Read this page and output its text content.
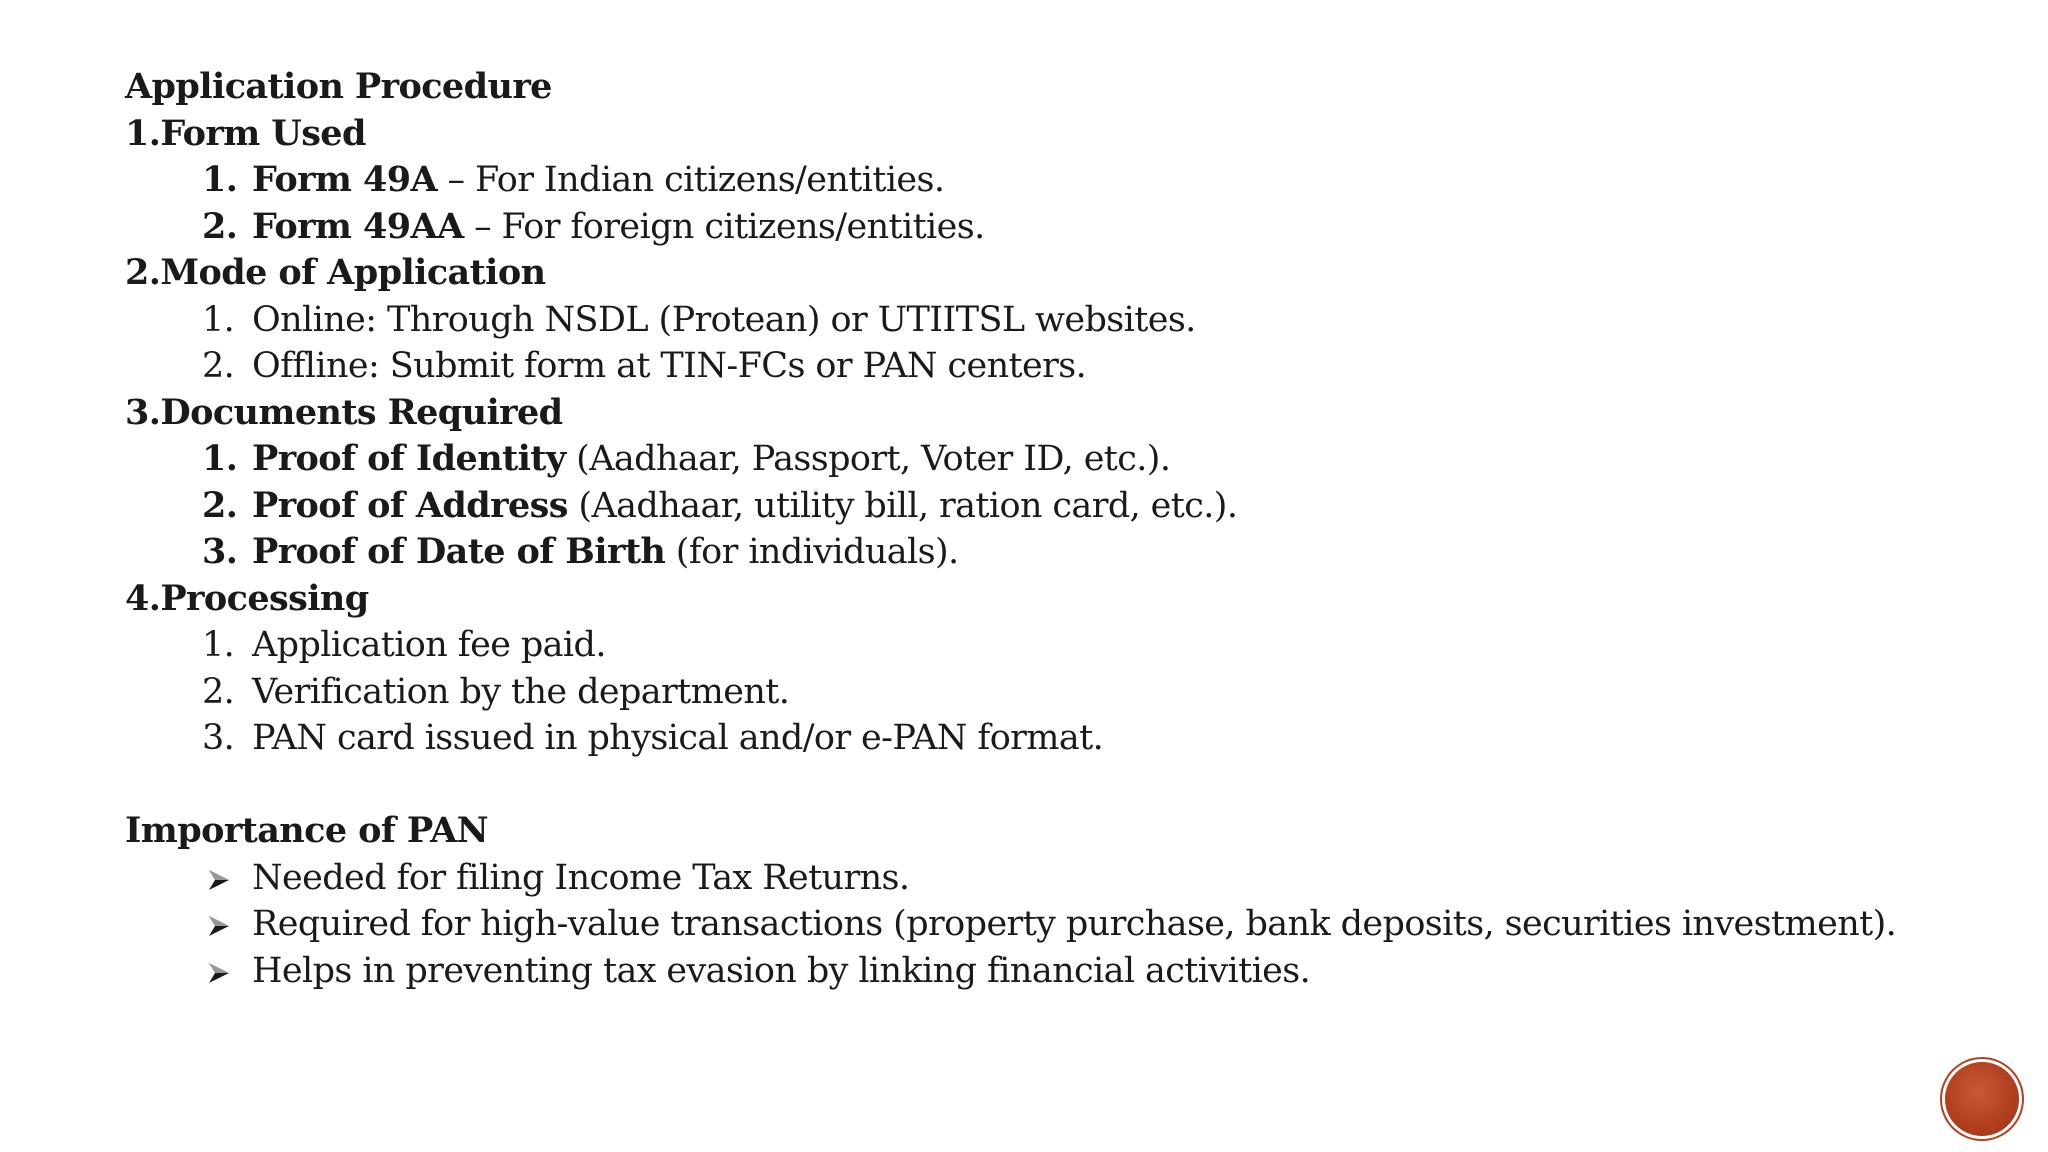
Application Procedure
1.Form Used
1. Form 49A – For Indian citizens/entities.
2. Form 49AA – For foreign citizens/entities.
2.Mode of Application
1. Online: Through NSDL (Protean) or UTIITSL websites.
2. Offline: Submit form at TIN-FCs or PAN centers.
3.Documents Required
1. Proof of Identity (Aadhaar, Passport, Voter ID, etc.).
2. Proof of Address (Aadhaar, utility bill, ration card, etc.).
3. Proof of Date of Birth (for individuals).
4.Processing
1. Application fee paid.
2. Verification by the department.
3. PAN card issued in physical and/or e-PAN format.
Importance of PAN
Needed for filing Income Tax Returns.
Required for high-value transactions (property purchase, bank deposits, securities investment).
Helps in preventing tax evasion by linking financial activities.
